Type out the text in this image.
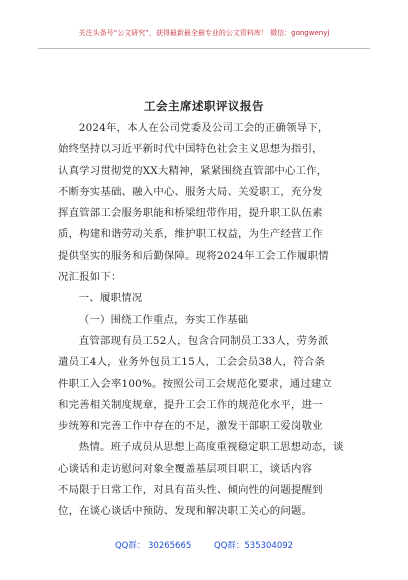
关注头条号“公文研究”，获得最新最全最专业的公文资料库！ 微信：gongwenyj
工会主席述职评议报告
2024年，本人在公司党委及公司工会的正确领导下，
始终坚持以习近平新时代中国特色社会主义思想为指引，
认真学习贯彻党的XX大精神，紧紧围绕直管部中心工作，
不断夯实基础、融入中心、服务大局、关爱职工，充分发
挥直管部工会服务职能和桥梁纽带作用，提升职工队伍素
质，构建和谐劳动关系，维护职工权益，为生产经营工作
提供坚实的服务和后勤保障。现将2024年工会工作履职情
况汇报如下：
一、履职情况
（一）围绕工作重点，夯实工作基础
直管部现有员工52人，包含合同制员工33人，劳务派
遣员工4人，业务外包员工15人，工会会员38人，符合条
件职工入会率100%。按照公司工会规范化要求，通过建立
和完善相关制度规章，提升工会工作的规范化水平，进一
步统筹和完善工作中存在的不足，激发干部职工爱岗敬业
热情。班子成员从思想上高度重视稳定职工思想动态，谈
心谈话和走访慰问对象全覆盖基层项目职工，谈话内容
不局限于日常工作，对具有苗头性、倾向性的问题提醒到
位，在谈心谈话中预防、发现和解决职工关心的问题。
QQ群： 30265665	QQ群：535304092
